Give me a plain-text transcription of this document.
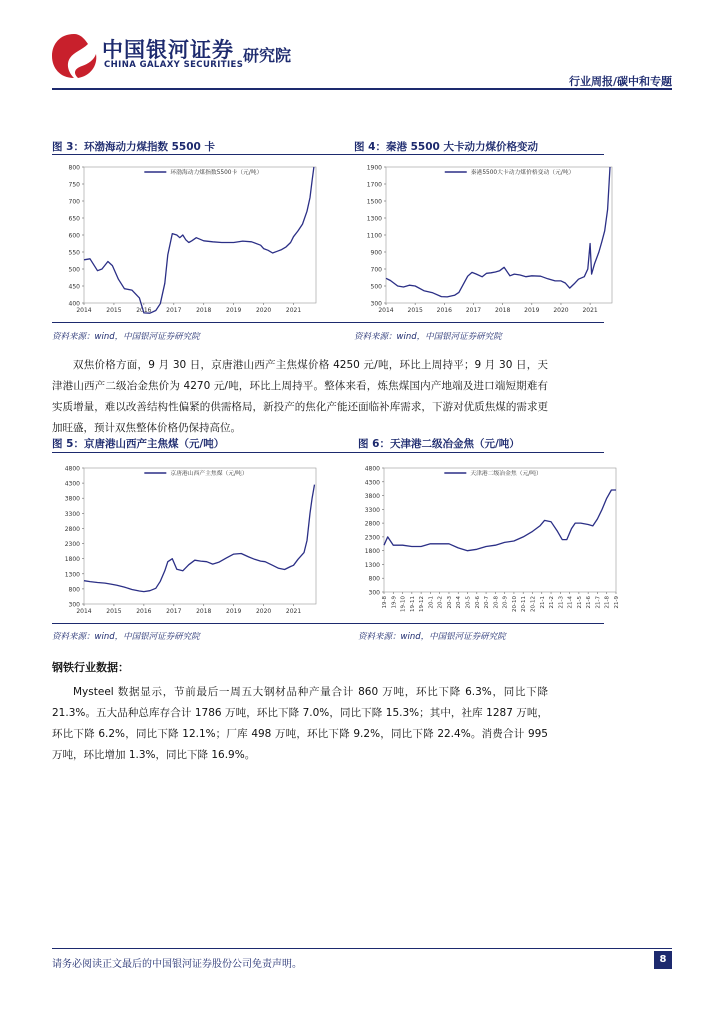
中国银河证券
CHINA GALAXY SECURITIES 研究院
行业周报/碳中和专题
图 3：环渤海动力煤指数 5500 卡	图 4：秦港 5500 大卡动力煤价格变动
400
450
500
550
600
650
700
750
800
2014 2015 2016 2017 2018 2019 2020 2021
环渤海动力煤指数5500卡（元/吨）
300
500
700
900
1100
1300
1500
1700
1900
2014 2015 2016 2017 2018 2019 2020 2021
秦港5500大卡动力煤价格变动（元/吨）
资料来源：wind，中国银河证券研究院	资料来源：wind，中国银河证券研究院

双焦价格方面，9 月 30 日，京唐港山西产主焦煤价格 4250 元/吨，环比上周持平；9 月 30 日，天津港山西产二级冶金焦价为 4270 元/吨，环比上周持平。整体来看，炼焦煤国内产地端及进口端短期难有实质增量，难以改善结构性偏紧的供需格局，新投产的焦化产能还面临补库需求，下游对优质焦煤的需求更加旺盛，预计双焦整体价格仍保持高位。

图 5：京唐港山西产主焦煤（元/吨）	图 6：天津港二级冶金焦（元/吨）
300
800
1300
1800
2300
2800
3300
3800
4300
4800
2014 2015 2016 2017 2018 2019 2020 2021
京唐港山西产主焦煤（元/吨）
300
800
1300
1800
2300
2800
3300
3800
4300
4800
19-8 19-9 19-10 19-11 19-12 20-1 20-2 20-3 20-4 20-5 20-6 20-7 20-8 20-9 20-10 20-11 20-12 21-1 21-2 21-3 21-4 21-5 21-6 21-7 21-8 21-9
天津港二级冶金焦（元/吨）
资料来源：wind，中国银河证券研究院	资料来源：wind，中国银河证券研究院
钢铁行业数据：

Mysteel 数据显示，节前最后一周五大钢材品种产量合计 860 万吨，环比下降 6.3%，同比下降 21.3%。五大品种总库存合计 1786 万吨，环比下降 7.0%，同比下降 15.3%；其中，社库 1287 万吨，环比下降 6.2%，同比下降 12.1%；厂库 498 万吨，环比下降 9.2%，同比下降 22.4%。消费合计 995 万吨，环比增加 1.3%，同比下降 16.9%。

请务必阅读正文最后的中国银河证券股份公司免责声明。	8
